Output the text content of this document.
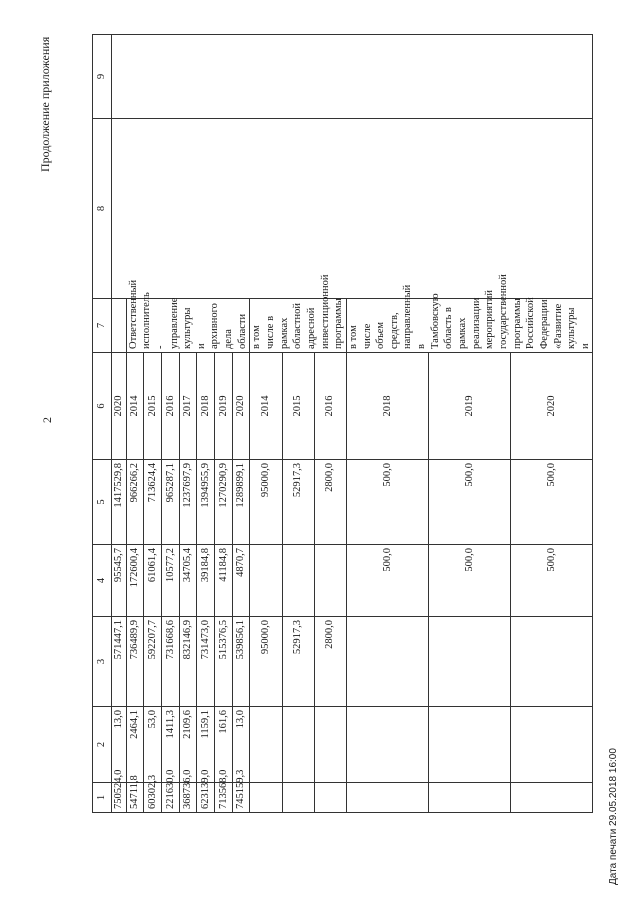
2
Продолжение приложения
1	2	3	4	5	6	7	8	9
750524,0	13,0	571447,1	95545,7	1417529,8	2020			
54711,8	2464,1	736489,9	172600,4	966266,2	2014	Ответственный исполнитель - управление культуры и архивного дела области		
60302,3	53,0	592207,7	61061,4	713624,4	2015			
221630,0	1411,3	731668,6	10577,2	965287,1	2016			
368736,0	2109,6	832146,9	34705,4	1237697,9	2017			
623139,0	1159,1	731473,0	39184,8	1394955,9	2018			
713568,0	161,6	515376,5	41184,8	1270290,9	2019			
745159,3	13,0	539856,1	4870,7	1289899,1	2020			
		95000,0		95000,0	2014	в том числе в рамках областной адресной инвестиционной программы		
		52917,3		52917,3	2015			
		2800,0		2800,0	2016			
			500,0	500,0	2018	в том числе объем средств, направленный в Тамбовскую область в рамках реализации мероприятий государственной программы Российской Федерации «Развитие культуры и		
			500,0	500,0	2019			
			500,0	500,0	2020			
Дата печати 29.05.2018 16:00
